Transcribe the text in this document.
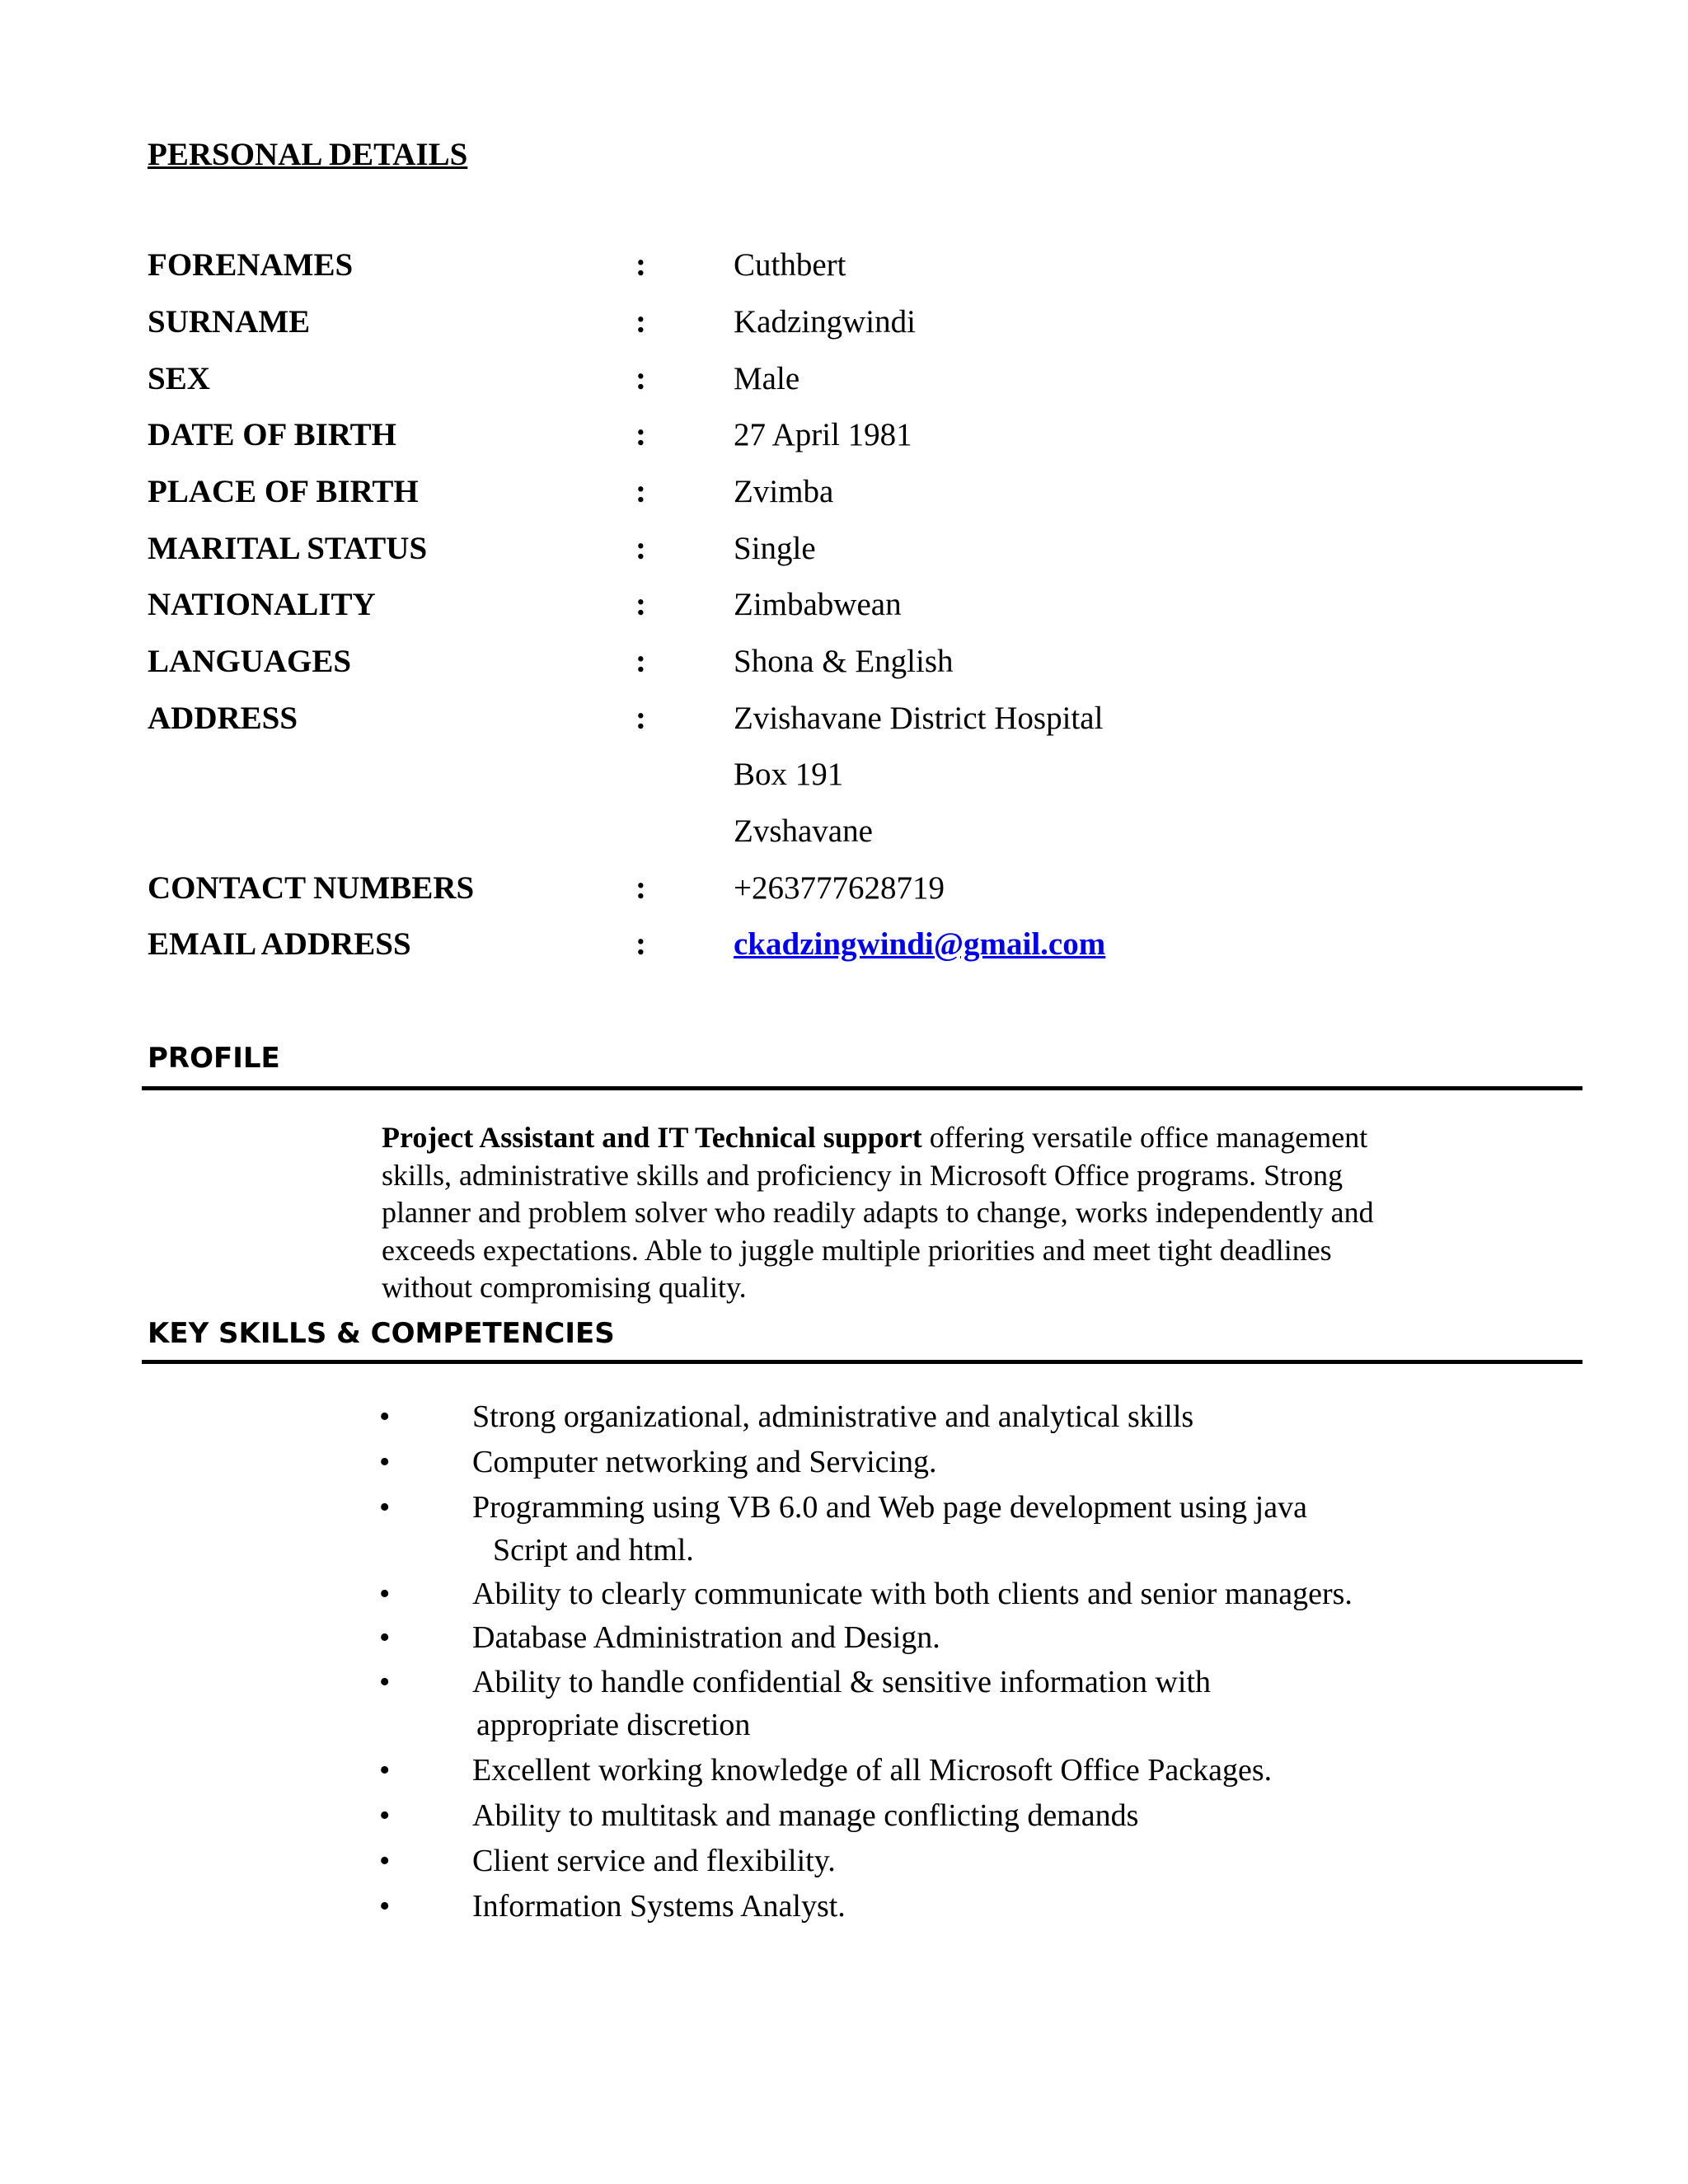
PERSONAL DETAILS
FORENAMES	:	Cuthbert
SURNAME	:	Kadzingwindi
SEX	:	Male
DATE OF BIRTH	:	27 April 1981
PLACE OF BIRTH	:	Zvimba
MARITAL STATUS	:	Single
NATIONALITY	:	Zimbabwean
LANGUAGES	:	Shona & English
ADDRESS	:	Zvishavane District Hospital
Box 191
Zvshavane
CONTACT NUMBERS	:	+263777628719
EMAIL ADDRESS	:	ckadzingwindi@gmail.com
PROFILE
Project Assistant and IT Technical support offering versatile office management
skills, administrative skills and proficiency in Microsoft Office programs. Strong
planner and problem solver who readily adapts to change, works independently and
exceeds expectations. Able to juggle multiple priorities and meet tight deadlines
without compromising quality.
KEY SKILLS & COMPETENCIES
•	Strong organizational, administrative and analytical skills
•	Computer networking and Servicing.
•	Programming using VB 6.0 and Web page development using java
Script and html.
•	Ability to clearly communicate with both clients and senior managers.
•	Database Administration and Design.
•	Ability to handle confidential & sensitive information with
appropriate discretion
•	Excellent working knowledge of all Microsoft Office Packages.
•	Ability to multitask and manage conflicting demands
•	Client service and flexibility.
•	Information Systems Analyst.
